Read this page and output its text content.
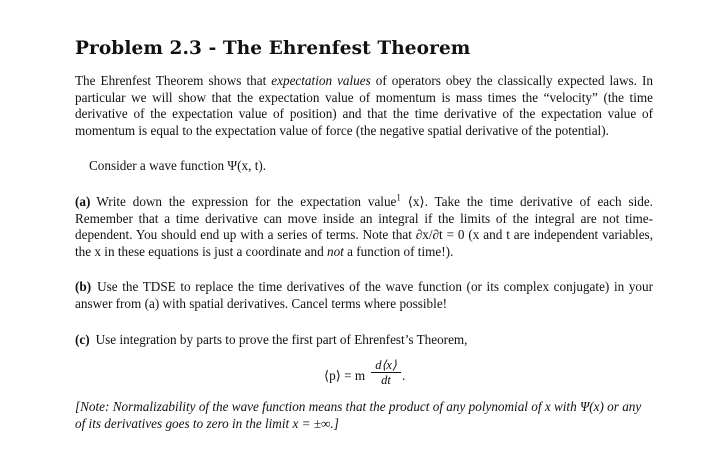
Problem 2.3 - The Ehrenfest Theorem

The Ehrenfest Theorem shows that expectation values of operators obey the classically expected laws. In particular we will show that the expectation value of momentum is mass times the “velocity” (the time derivative of the expectation value of position) and that the time derivative of the expectation value of momentum is equal to the expectation value of force (the negative spatial derivative of the potential).

Consider a wave function Ψ(x, t).

(a) Write down the expression for the expectation value$^1$ ⟨x⟩. Take the time derivative of each side. Remember that a time derivative can move inside an integral if the limits of the integral are not time-dependent. You should end up with a series of terms. Note that ∂x/∂t = 0 (x and t are independent variables, the x in these equations is just a coordinate and not a function of time!).

(b) Use the TDSE to replace the time derivatives of the wave function (or its complex conjugate) in your answer from (a) with spatial derivatives. Cancel terms where possible!

(c) Use integration by parts to prove the first part of Ehrenfest’s Theorem,

⟨p⟩ = m $\frac{d⟨x⟩}{dt}$ .

[Note: Normalizability of the wave function means that the product of any polynomial of x with Ψ(x) or any of its derivatives goes to zero in the limit x = ±∞.]
